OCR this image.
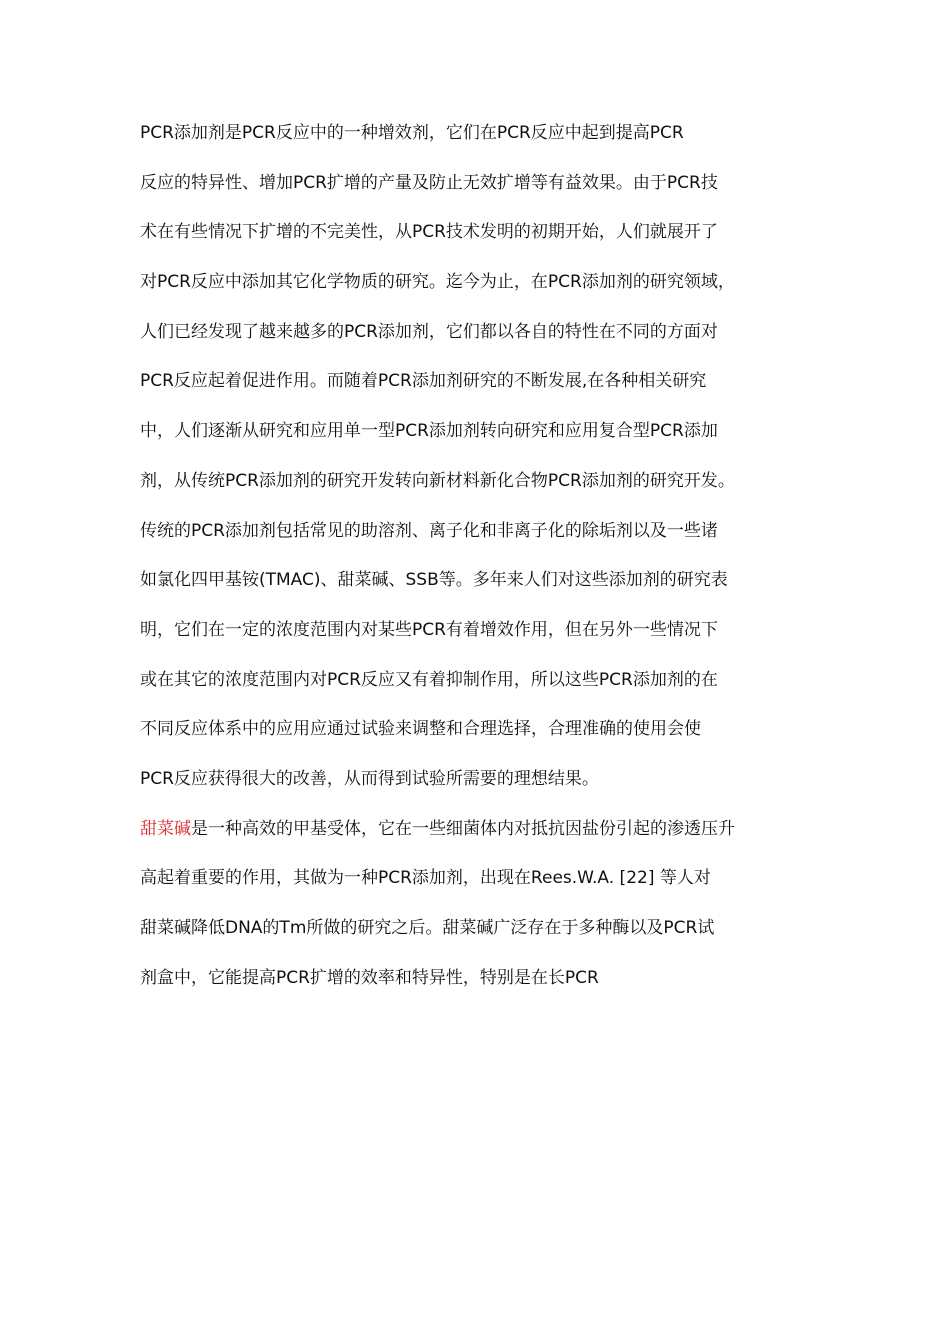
PCR添加剂是PCR反应中的一种增效剂，它们在PCR反应中起到提高PCR
反应的特异性、增加PCR扩增的产量及防止无效扩增等有益效果。由于PCR技
术在有些情况下扩增的不完美性，从PCR技术发明的初期开始，人们就展开了
对PCR反应中添加其它化学物质的研究。迄今为止，在PCR添加剂的研究领域，
人们已经发现了越来越多的PCR添加剂，它们都以各自的特性在不同的方面对
PCR反应起着促进作用。而随着PCR添加剂研究的不断发展,在各种相关研究
中，人们逐渐从研究和应用单一型PCR添加剂转向研究和应用复合型PCR添加
剂，从传统PCR添加剂的研究开发转向新材料新化合物PCR添加剂的研究开发。
传统的PCR添加剂包括常见的助溶剂、离子化和非离子化的除垢剂以及一些诸
如氯化四甲基铵(TMAC)、甜菜碱、SSB等。多年来人们对这些添加剂的研究表
明，它们在一定的浓度范围内对某些PCR有着增效作用，但在另外一些情况下
或在其它的浓度范围内对PCR反应又有着抑制作用，所以这些PCR添加剂的在
不同反应体系中的应用应通过试验来调整和合理选择，合理准确的使用会使
PCR反应获得很大的改善，从而得到试验所需要的理想结果。
甜菜碱是一种高效的甲基受体，它在一些细菌体内对抵抗因盐份引起的渗透压升
高起着重要的作用，其做为一种PCR添加剂，出现在Rees.W.A. [22] 等人对
甜菜碱降低DNA的Tm所做的研究之后。甜菜碱广泛存在于多种酶以及PCR试
剂盒中，它能提高PCR扩增的效率和特异性，特别是在长PCR
